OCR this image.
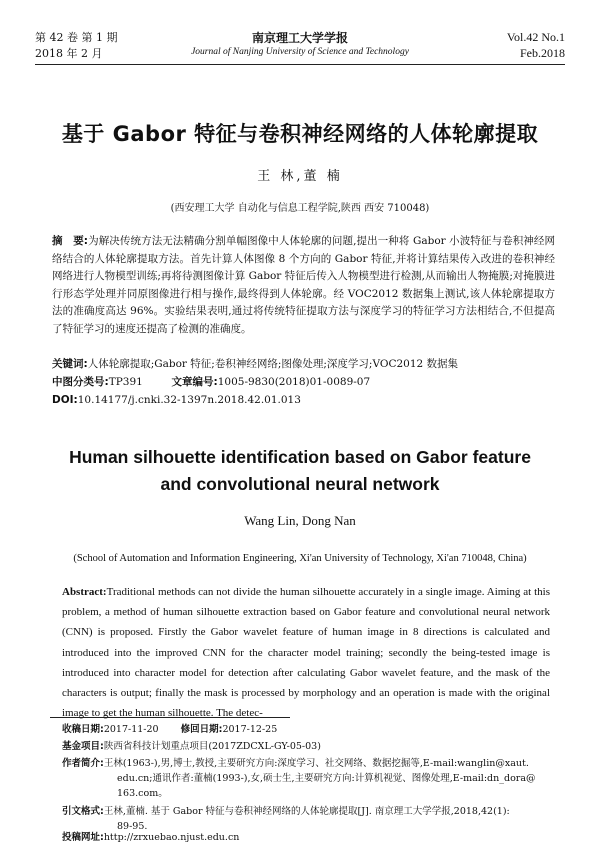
第 42 卷 第 1 期
2018 年 2 月
南京理工大学学报
Journal of Nanjing University of Science and Technology
Vol.42 No.1
Feb.2018
基于 Gabor 特征与卷积神经网络的人体轮廓提取
王 林,董 楠
(西安理工大学 自动化与信息工程学院,陕西 西安 710048)
摘　要:为解决传统方法无法精确分割单幅图像中人体轮廓的问题,提出一种将 Gabor 小波特征与卷积神经网络结合的人体轮廓提取方法。首先计算人体图像 8 个方向的 Gabor 特征,并将计算结果传入改进的卷积神经网络进行人物模型训练;再将待测图像计算 Gabor 特征后传入人物模型进行检测,从而输出人物掩膜;对掩膜进行形态学处理并同原图像进行相与操作,最终得到人体轮廓。经 VOC2012 数据集上测试,该人体轮廓提取方法的准确度高达 96%。实验结果表明,通过将传统特征提取方法与深度学习的特征学习方法相结合,不但提高了特征学习的速度还提高了检测的准确度。
关键词:人体轮廓提取;Gabor 特征;卷积神经网络;图像处理;深度学习;VOC2012 数据集
中图分类号:TP391	文章编号:1005-9830(2018)01-0089-07
DOI:10.14177/j.cnki.32-1397n.2018.42.01.013
Human silhouette identification based on Gabor feature
and convolutional neural network
Wang Lin, Dong Nan
(School of Automation and Information Engineering, Xi'an University of Technology, Xi'an 710048, China)
Abstract:Traditional methods can not divide the human silhouette accurately in a single image. Aiming at this problem, a method of human silhouette extraction based on Gabor feature and convolutional neural network (CNN) is proposed. Firstly the Gabor wavelet feature of human image in 8 directions is calculated and introduced into the improved CNN for the character model training; secondly the being-tested image is introduced into character model for detection after calculating Gabor wavelet feature, and the mask of the characters is output; finally the mask is processed by morphology and an operation is made with the original image to get the human silhouette. The detec-
收稿日期:2017-11-20 修回日期:2017-12-25
基金项目:陕西省科技计划重点项目(2017ZDCXL-GY-05-03)
作者简介:王林(1963-),男,博士,教授,主要研究方向:深度学习、社交网络、数据挖掘等,E-mail:wanglin@xaut.
edu.cn;通讯作者:董楠(1993-),女,硕士生,主要研究方向:计算机视觉、图像处理,E-mail:dn_dora@
163.com。
引文格式:王林,董楠. 基于 Gabor 特征与卷积神经网络的人体轮廓提取[J]. 南京理工大学学报,2018,42(1):
89-95.
投稿网址:http://zrxuebao.njust.edu.cn
